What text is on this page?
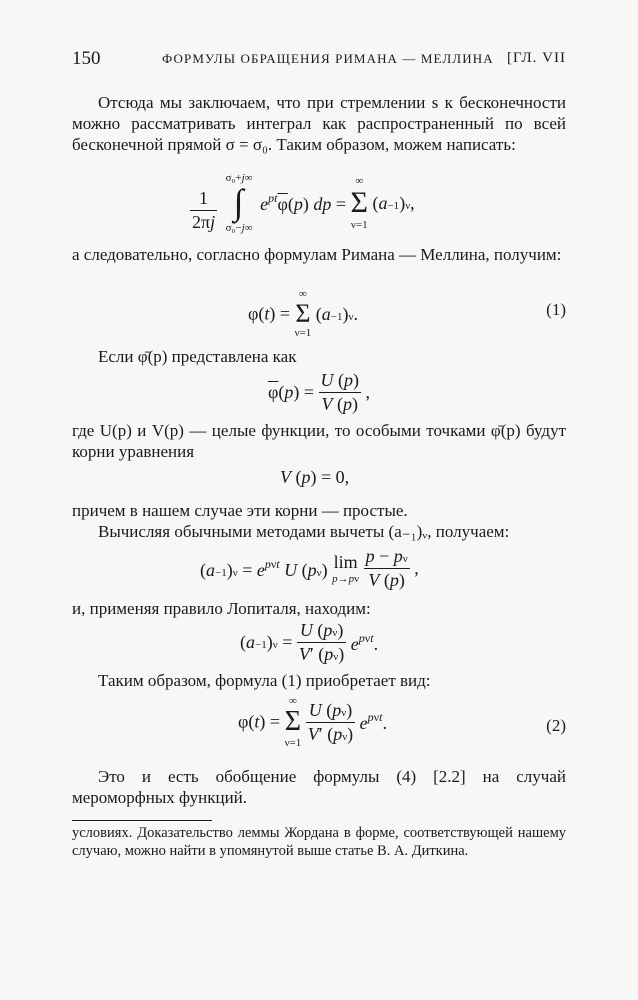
150	ФОРМУЛЫ ОБРАЩЕНИЯ РИМАНА — МЕЛЛИНА [ГЛ. VII

Отсюда мы заключаем, что при стремлении s к бесконечности можно рассматривать интеграл как распространенный по всей бесконечной прямой σ = σ₀. Таким образом, можем написать:

$\frac{1}{2\pi j}$

σ₀+j∞
∫
σ₀−j∞
$e^{pt}\overline{\varphi}(p)$ dp =
∞
Σ
ν=1
(a−1)ν,

а следовательно, согласно формулам Римана — Меллина, получим:

φ(t) =
∞
Σ
ν=1
(a−1)ν.	(1)

Если φ̄(p) представлена как

$\overline{\varphi}(p) = \frac{U (p)}{V (p)}$ ,

где U(p) и V(p) — целые функции, то особыми точками φ̄(p) будут корни уравнения

V (p) = 0,

причем в нашем случае эти корни — простые.

Вычисляя обычными методами вычеты (a₋₁)ᵥ, получаем:

$(a-1)\nu = e^{p\nu t}$ U (pν) lim
p→pν
$\frac{p - p\nu}{V (p)}$ ,

и, применяя правило Лопиталя, находим:

$(a-1)\nu = \frac{U (p\nu)}{V' (p\nu)} e^{p\nu t}$.

Таким образом, формула (1) приобретает вид:

φ(t) =
∞
Σ
ν=1
$\frac{U (p\nu)}{V' (p\nu)} e^{p\nu t}$.	(2)

Это и есть обобщение формулы (4) [2.2] на случай мероморфных функций.

условиях. Доказательство леммы Жордана в форме, соответствующей нашему случаю, можно найти в упомянутой выше статье В. А. Диткина.
